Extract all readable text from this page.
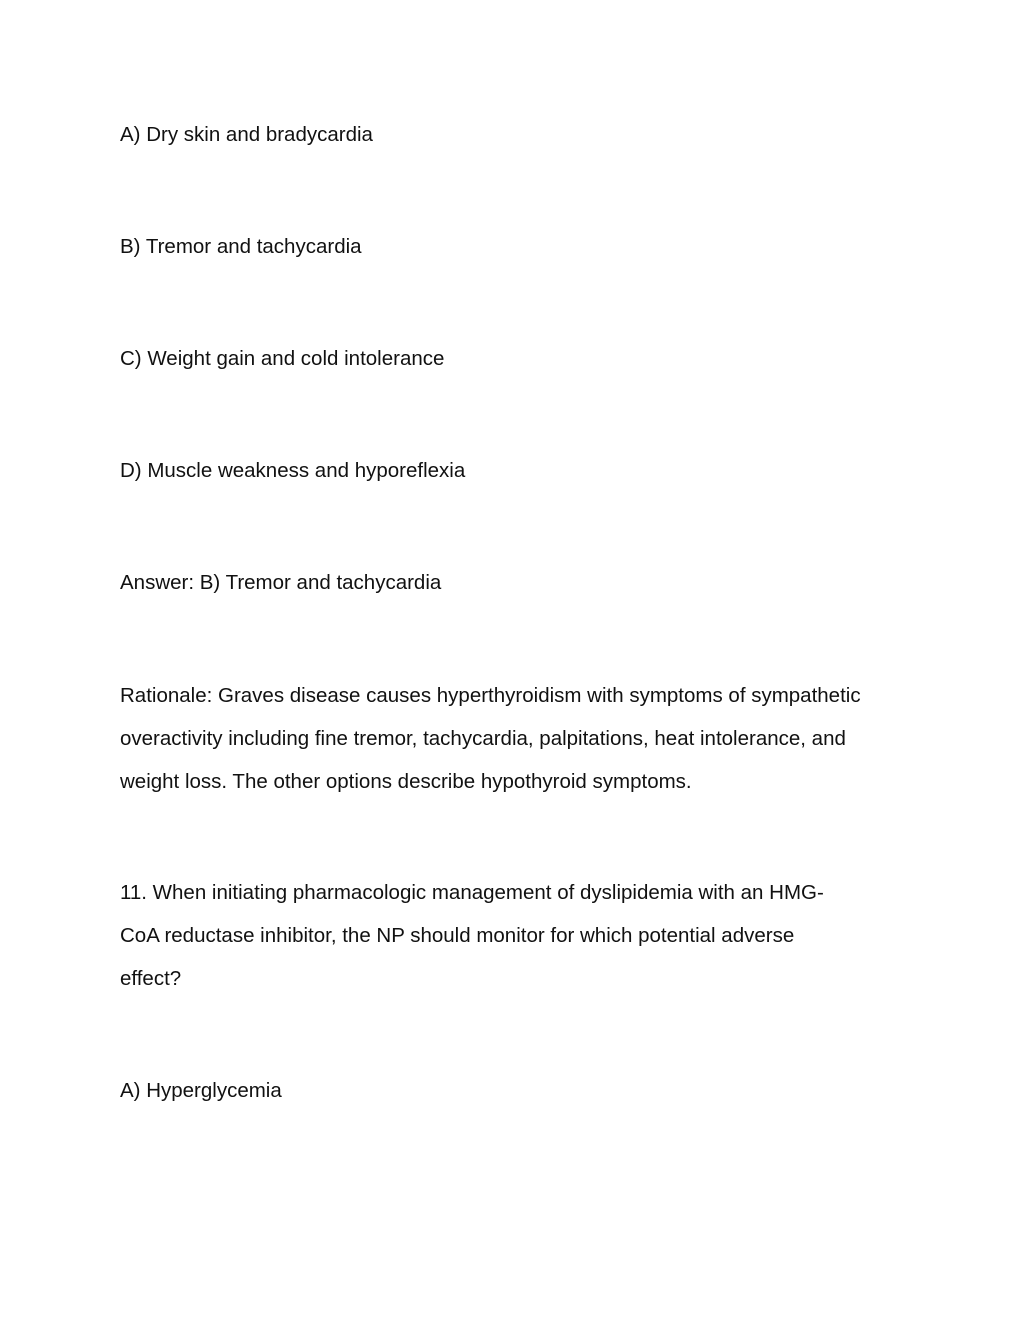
A) Dry skin and bradycardia

B) Tremor and tachycardia

C) Weight gain and cold intolerance

D) Muscle weakness and hyporeflexia

Answer: B) Tremor and tachycardia

Rationale: Graves disease causes hyperthyroidism with symptoms of sympathetic
overactivity including fine tremor, tachycardia, palpitations, heat intolerance, and
weight loss. The other options describe hypothyroid symptoms.
11. When initiating pharmacologic management of dyslipidemia with an HMG-
CoA reductase inhibitor, the NP should monitor for which potential adverse
effect?

A) Hyperglycemia
